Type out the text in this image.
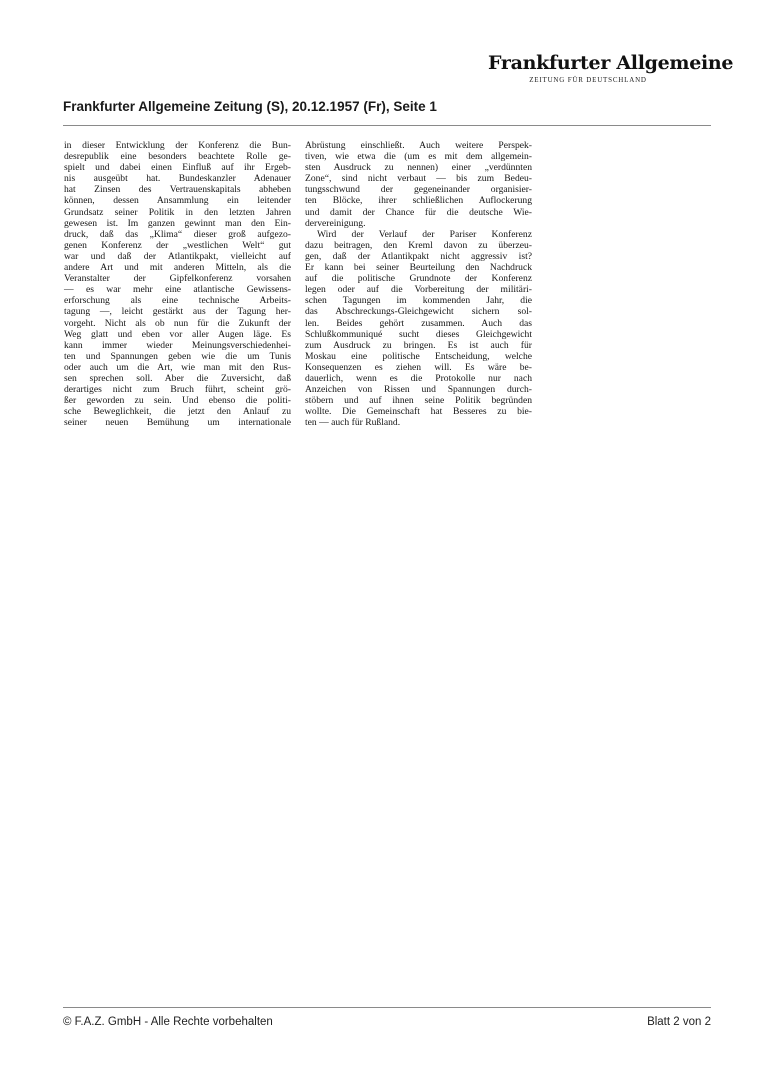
Frankfurter Allgemeine
ZEITUNG FÜR DEUTSCHLAND
Frankfurter Allgemeine Zeitung (S), 20.12.1957 (Fr), Seite 1

in dieser Entwicklung der Konferenz die Bun-
desrepublik eine besonders beachtete Rolle ge-
spielt und dabei einen Einfluß auf ihr Ergeb-
nis ausgeübt hat. Bundeskanzler Adenauer
hat Zinsen des Vertrauenskapitals abheben
können, dessen Ansammlung ein leitender
Grundsatz seiner Politik in den letzten Jahren
gewesen ist. Im ganzen gewinnt man den Ein-
druck, daß das „Klima“ dieser groß aufgezo-
genen Konferenz der „westlichen Welt“ gut
war und daß der Atlantikpakt, vielleicht auf
andere Art und mit anderen Mitteln, als die
Veranstalter der Gipfelkonferenz vorsahen
— es war mehr eine atlantische Gewissens-
erforschung als eine technische Arbeits-
tagung —, leicht gestärkt aus der Tagung her-
vorgeht. Nicht als ob nun für die Zukunft der
Weg glatt und eben vor aller Augen läge. Es
kann immer wieder Meinungsverschiedenhei-
ten und Spannungen geben wie die um Tunis
oder auch um die Art, wie man mit den Rus-
sen sprechen soll. Aber die Zuversicht, daß
derartiges nicht zum Bruch führt, scheint grö-
ßer geworden zu sein. Und ebenso die politi-
sche Beweglichkeit, die jetzt den Anlauf zu
seiner neuen Bemühung um internationale

Abrüstung einschließt. Auch weitere Perspek-
tiven, wie etwa die (um es mit dem allgemein-
sten Ausdruck zu nennen) einer „verdünnten
Zone“, sind nicht verbaut — bis zum Bedeu-
tungsschwund der gegeneinander organisier-
ten Blöcke, ihrer schließlichen Auflockerung
und damit der Chance für die deutsche Wie-
dervereinigung.
Wird der Verlauf der Pariser Konferenz
dazu beitragen, den Kreml davon zu überzeu-
gen, daß der Atlantikpakt nicht aggressiv ist?
Er kann bei seiner Beurteilung den Nachdruck
auf die politische Grundnote der Konferenz
legen oder auf die Vorbereitung der militäri-
schen Tagungen im kommenden Jahr, die
das Abschreckungs-Gleichgewicht sichern sol-
len. Beides gehört zusammen. Auch das
Schlußkommuniqué sucht dieses Gleichgewicht
zum Ausdruck zu bringen. Es ist auch für
Moskau eine politische Entscheidung, welche
Konsequenzen es ziehen will. Es wäre be-
dauerlich, wenn es die Protokolle nur nach
Anzeichen von Rissen und Spannungen durch-
stöbern und auf ihnen seine Politik begründen
wollte. Die Gemeinschaft hat Besseres zu bie-
ten — auch für Rußland.

© F.A.Z. GmbH - Alle Rechte vorbehalten	Blatt 2 von 2
